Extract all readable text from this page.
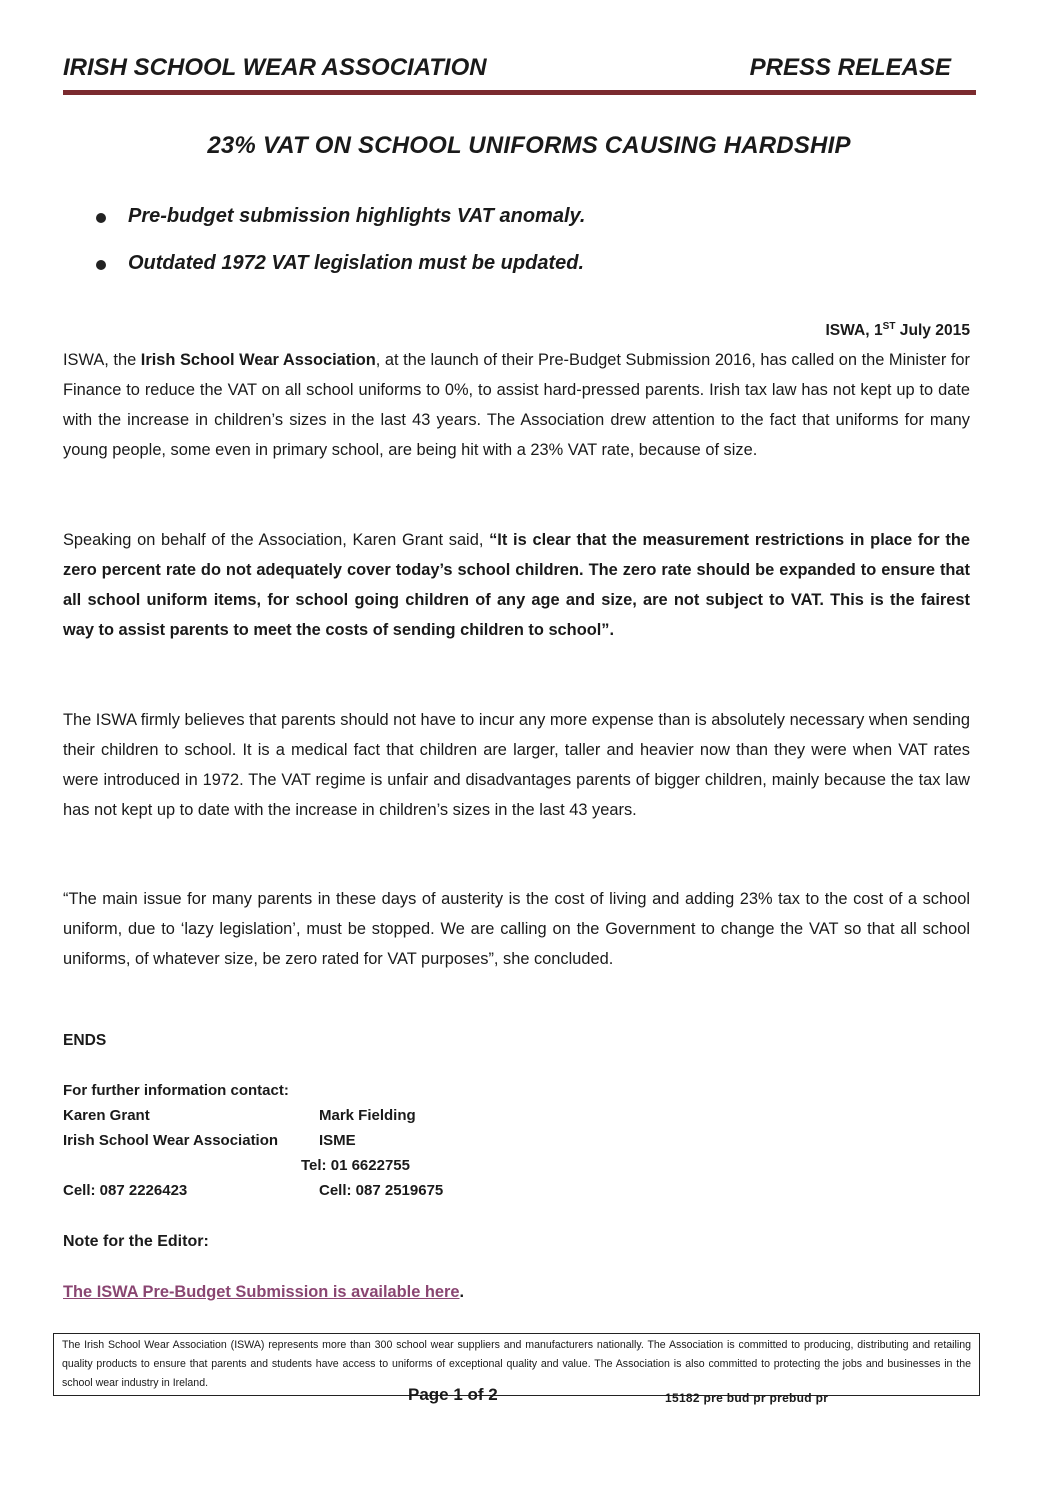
IRISH SCHOOL WEAR ASSOCIATION	PRESS RELEASE
23% VAT ON SCHOOL UNIFORMS CAUSING HARDSHIP
Pre-budget submission highlights VAT anomaly.
Outdated 1972 VAT legislation must be updated.
ISWA, 1ST July 2015
ISWA, the Irish School Wear Association, at the launch of their Pre-Budget Submission 2016, has called on the Minister for Finance to reduce the VAT on all school uniforms to 0%, to assist hard-pressed parents. Irish tax law has not kept up to date with the increase in children’s sizes in the last 43 years. The Association drew attention to the fact that uniforms for many young people, some even in primary school, are being hit with a 23% VAT rate, because of size.
Speaking on behalf of the Association, Karen Grant said, “It is clear that the measurement restrictions in place for the zero percent rate do not adequately cover today’s school children. The zero rate should be expanded to ensure that all school uniform items, for school going children of any age and size, are not subject to VAT. This is the fairest way to assist parents to meet the costs of sending children to school”.
The ISWA firmly believes that parents should not have to incur any more expense than is absolutely necessary when sending their children to school. It is a medical fact that children are larger, taller and heavier now than they were when VAT rates were introduced in 1972. The VAT regime is unfair and disadvantages parents of bigger children, mainly because the tax law has not kept up to date with the increase in children’s sizes in the last 43 years.
“The main issue for many parents in these days of austerity is the cost of living and adding 23% tax to the cost of a school uniform, due to ‘lazy legislation’, must be stopped. We are calling on the Government to change the VAT so that all school uniforms, of whatever size, be zero rated for VAT purposes”, she concluded.
ENDS
For further information contact:
Karen Grant	Mark Fielding
Irish School Wear Association	ISME
Tel: 01 6622755
Cell: 087 2226423	Cell: 087 2519675
Note for the Editor:
The ISWA Pre-Budget Submission is available here.
The Irish School Wear Association (ISWA) represents more than 300 school wear suppliers and manufacturers nationally. The Association is committed to producing, distributing and retailing quality products to ensure that parents and students have access to uniforms of exceptional quality and value. The Association is also committed to protecting the jobs and businesses in the school wear industry in Ireland.
Page 1 of 2	15182 pre bud pr prebud pr
